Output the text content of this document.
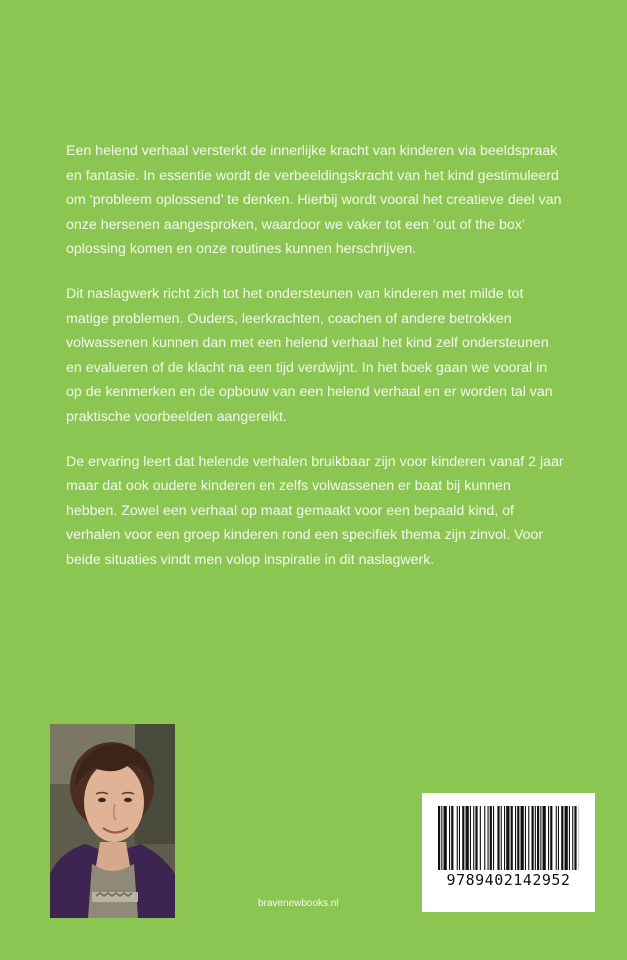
Een helend verhaal versterkt de innerlijke kracht van kinderen via beeldspraak en fantasie. In essentie wordt de verbeeldingskracht van het kind gestimuleerd om ‘probleem oplossend’ te denken. Hierbij wordt vooral het creatieve deel van onze hersenen aangesproken, waardoor we vaker tot een ‘out of the box’ oplossing komen en onze routines kunnen herschrijven.

Dit naslagwerk richt zich tot het ondersteunen van kinderen met milde tot matige problemen. Ouders, leerkrachten, coachen of andere betrokken volwassenen kunnen dan met een helend verhaal het kind zelf ondersteunen en evalueren of de klacht na een tijd verdwijnt. In het boek gaan we vooral in op de kenmerken en de opbouw van een helend verhaal en er worden tal van praktische voorbeelden aangereikt.

De ervaring leert dat helende verhalen bruikbaar zijn voor kinderen vanaf 2 jaar maar dat ook oudere kinderen en zelfs volwassenen er baat bij kunnen hebben. Zowel een verhaal op maat gemaakt voor een bepaald kind, of verhalen voor een groep kinderen rond een specifiek thema zijn zinvol. Voor beide situaties vindt men volop inspiratie in dit naslagwerk.

bravenewbooks.nl
9789402142952
